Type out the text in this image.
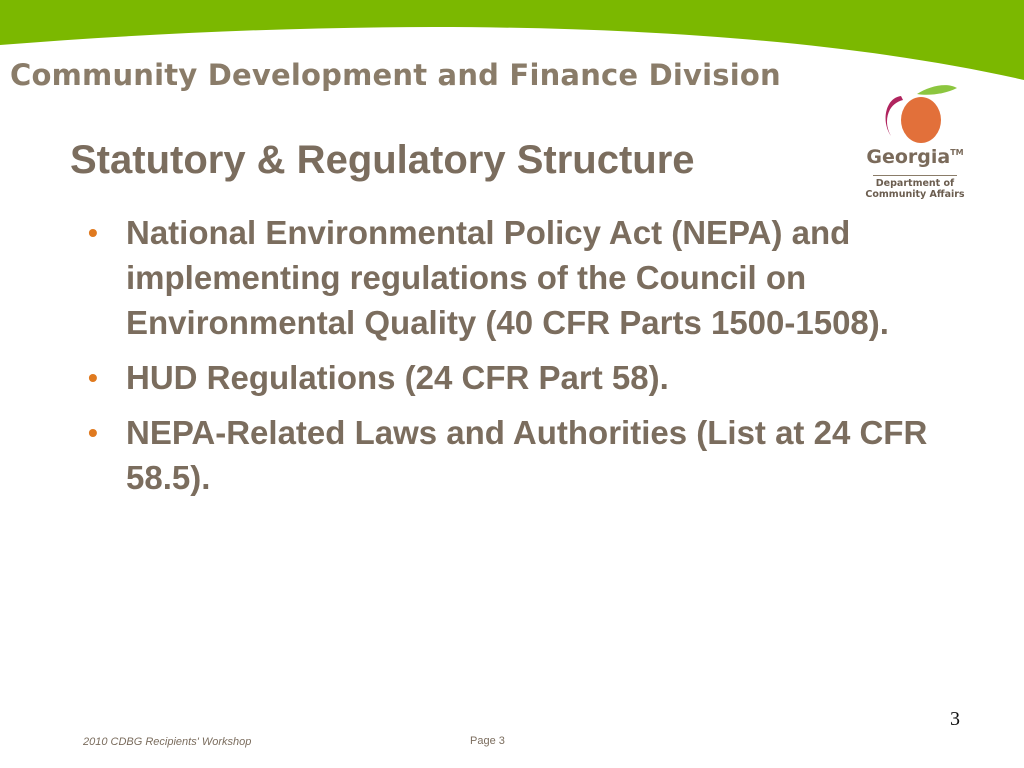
Community Development and Finance Division
Georgia™
Department of
Community Affairs
Statutory & Regulatory Structure
• National Environmental Policy Act (NEPA) and implementing regulations of the Council on Environmental Quality (40 CFR Parts 1500-1508).
• HUD Regulations (24 CFR Part 58).
• NEPA-Related Laws and Authorities (List at 24 CFR 58.5).
2010 CDBG Recipients' Workshop	Page 3
3
